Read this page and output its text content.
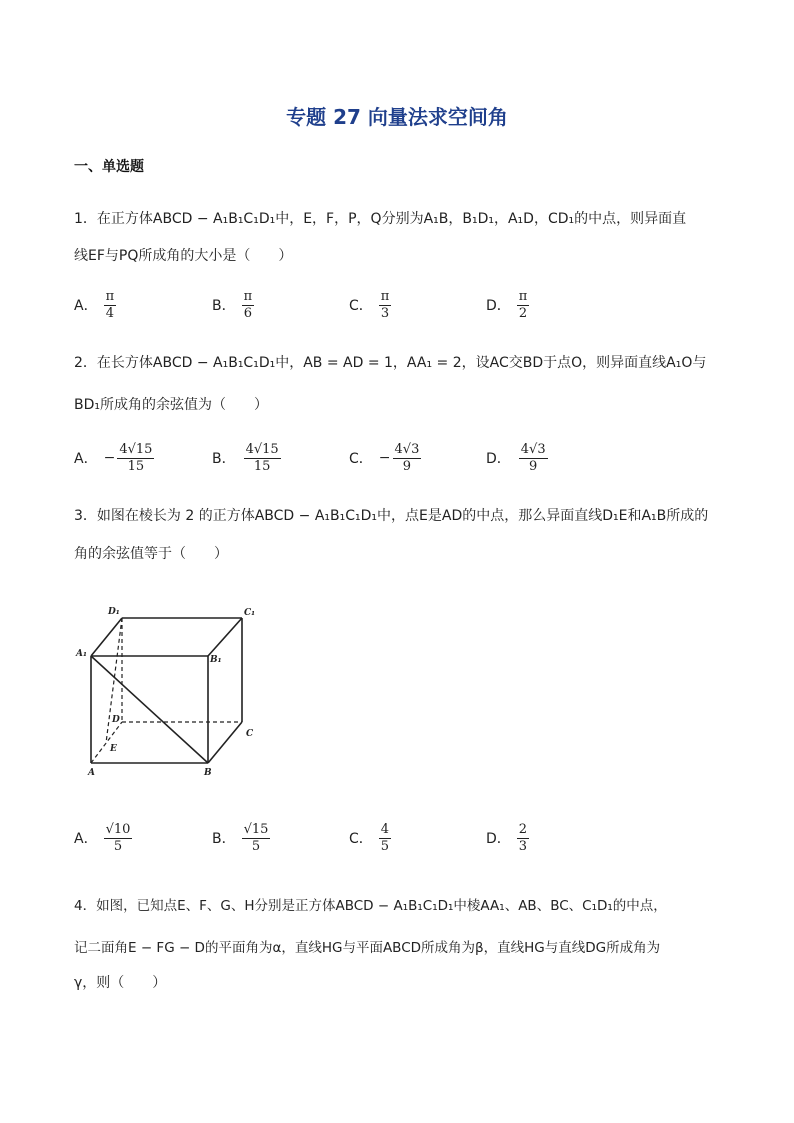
专题 27 向量法求空间角
一、单选题
1．在正方体ABCD − A₁B₁C₁D₁中，E，F，P，Q分别为A₁B，B₁D₁，A₁D，CD₁的中点，则异面直
线EF与PQ所成角的大小是（　　）
A． $\frac{\pi}{4}$	B． $\frac{\pi}{6}$	C． $\frac{\pi}{3}$	D． $\frac{\pi}{2}$
2．在长方体ABCD − A₁B₁C₁D₁中，AB = AD = 1，AA₁ = 2，设AC交BD于点O，则异面直线A₁O与
BD₁所成角的余弦值为（　　）
A． − $\frac{4√15}{15}$	B． $\frac{4√15}{15}$	C． − $\frac{4√3}{9}$	D． $\frac{4√3}{9}$
3．如图在棱长为 2 的正方体ABCD − A₁B₁C₁D₁中，点E是AD的中点，那么异面直线D₁E和A₁B所成的
角的余弦值等于（　　）
D₁	C₁
A₁
B₁
D
C
E
A	B
A． $\frac{√10}{5}$	B． $\frac{√15}{5}$	C． $\frac{4}{5}$	D． $\frac{2}{3}$
4．如图，已知点E、F、G、H分别是正方体ABCD − A₁B₁C₁D₁中棱AA₁、AB、BC、C₁D₁的中点，
记二面角E − FG − D的平面角为α，直线HG与平面ABCD所成角为β，直线HG与直线DG所成角为
γ，则（　　）
